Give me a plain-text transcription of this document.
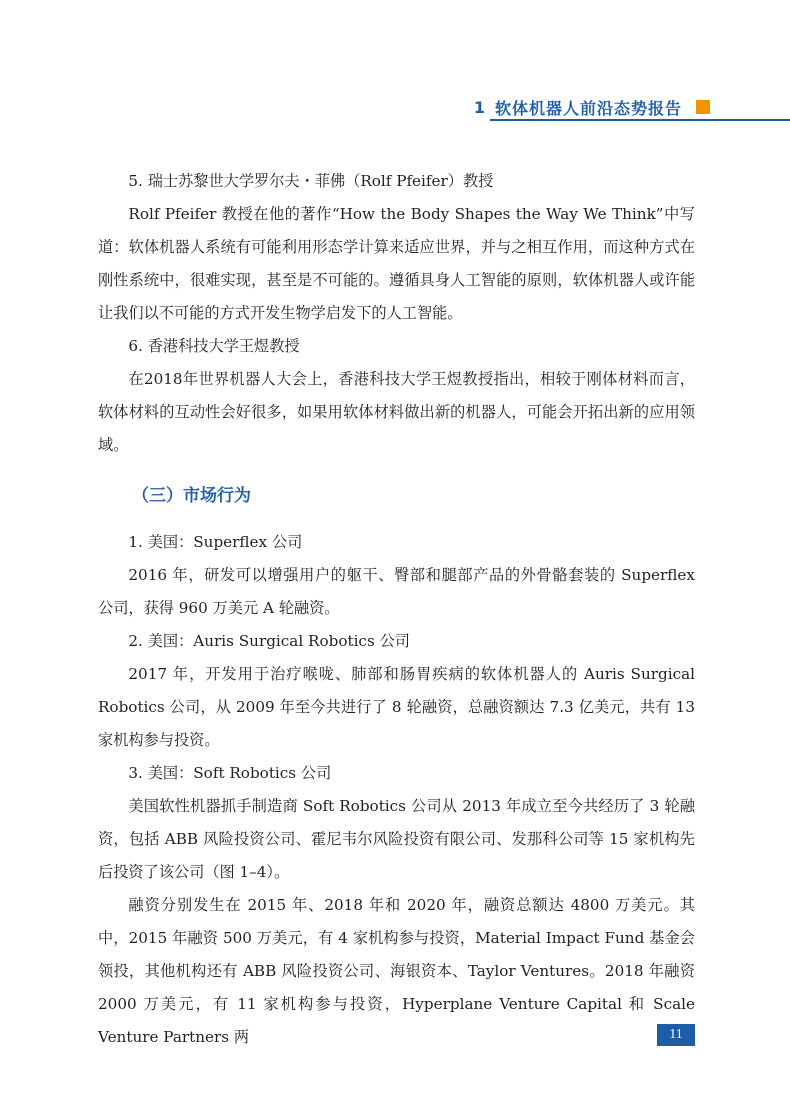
1 软体机器人前沿态势报告

5. 瑞士苏黎世大学罗尔夫・菲佛（Rolf Pfeifer）教授

Rolf Pfeifer 教授在他的著作“How the Body Shapes the Way We Think”中写道：软体机器人系统有可能利用形态学计算来适应世界，并与之相互作用，而这种方式在刚性系统中，很难实现，甚至是不可能的。遵循具身人工智能的原则，软体机器人或许能让我们以不可能的方式开发生物学启发下的人工智能。

6. 香港科技大学王煜教授

在2018年世界机器人大会上，香港科技大学王煜教授指出，相较于刚体材料而言，软体材料的互动性会好很多，如果用软体材料做出新的机器人，可能会开拓出新的应用领域。

（三）市场行为

1. 美国：Superflex 公司

2016 年，研发可以增强用户的躯干、臀部和腿部产品的外骨骼套装的 Superflex 公司，获得 960 万美元 A 轮融资。

2. 美国：Auris Surgical Robotics 公司

2017 年，开发用于治疗喉咙、肺部和肠胃疾病的软体机器人的 Auris Surgical Robotics 公司，从 2009 年至今共进行了 8 轮融资，总融资额达 7.3 亿美元，共有 13 家机构参与投资。

3. 美国：Soft Robotics 公司

美国软性机器抓手制造商 Soft Robotics 公司从 2013 年成立至今共经历了 3 轮融资，包括 ABB 风险投资公司、霍尼韦尔风险投资有限公司、发那科公司等 15 家机构先后投资了该公司（图 1–4）。

融资分别发生在 2015 年、2018 年和 2020 年，融资总额达 4800 万美元。其中，2015 年融资 500 万美元，有 4 家机构参与投资，Material Impact Fund 基金会领投，其他机构还有 ABB 风险投资公司、海银资本、Taylor Ventures。2018 年融资 2000 万美元，有 11 家机构参与投资，Hyperplane Venture Capital 和 Scale Venture Partners 两	11
